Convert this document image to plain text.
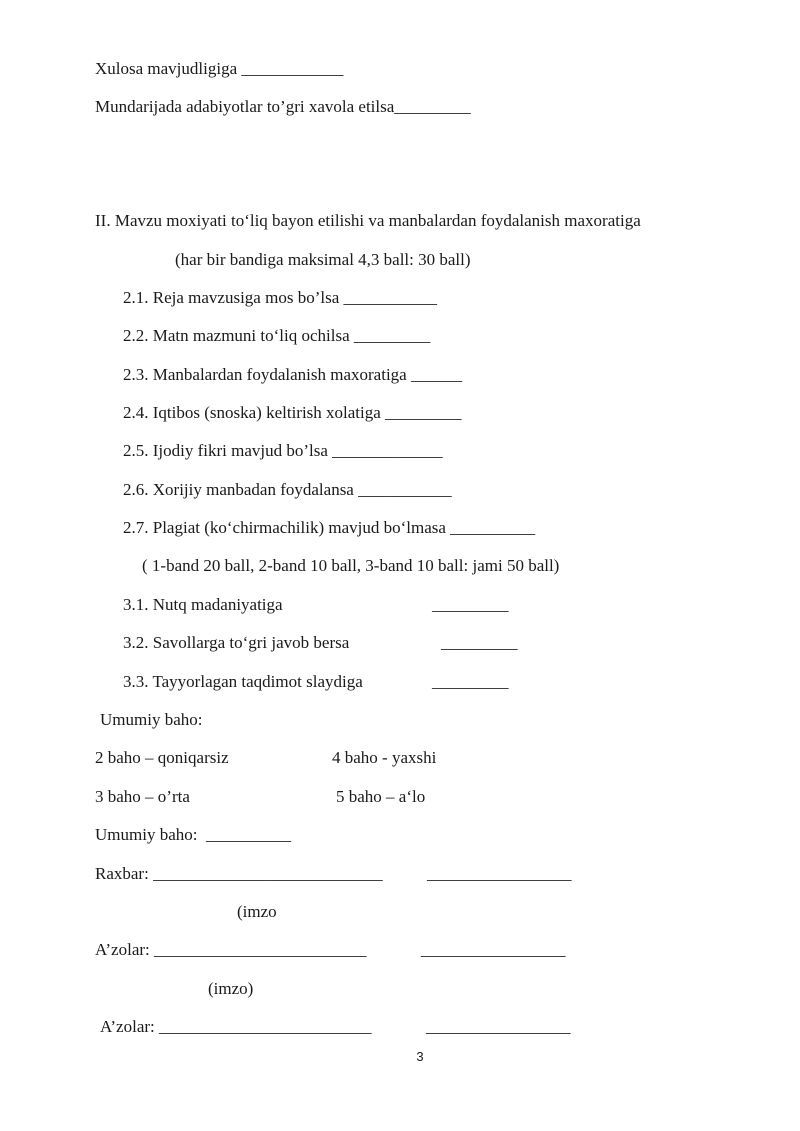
Xulosa mavjudligiga ____________
Mundarijada adabiyotlar to’gri xavola etilsa_________
II. Mavzu moxiyati toʻliq bayon etilishi va manbalardan foydalanish maxoratiga
(har bir bandiga maksimal 4,3 ball: 30 ball)
2.1. Reja mavzusiga mos bo’lsa ___________
2.2. Matn mazmuni toʻliq ochilsa _________
2.3. Manbalardan foydalanish maxoratiga ______
2.4. Iqtibos (snoska) keltirish xolatiga _________
2.5. Ijodiy fikri mavjud bo’lsa _____________
2.6. Xorijiy manbadan foydalansa ___________
2.7. Plagiat (koʻchirmachilik) mavjud boʻlmasa __________
( 1-band 20 ball, 2-band 10 ball, 3-band 10 ball: jami 50 ball)
3.1. Nutq madaniyatiga	_________
3.2. Savollarga toʻgri javob bersa	_________
3.3. Tayyorlagan taqdimot slaydiga	_________
Umumiy baho:
2 baho – qoniqarsiz	4 baho - yaxshi
3 baho – o’rta	5 baho – aʻlo
Umumiy baho:  __________
Raxbar: ___________________________	_________________
(imzo
A’zolar: _________________________	_________________
(imzo)
A’zolar: _________________________	_________________
3
